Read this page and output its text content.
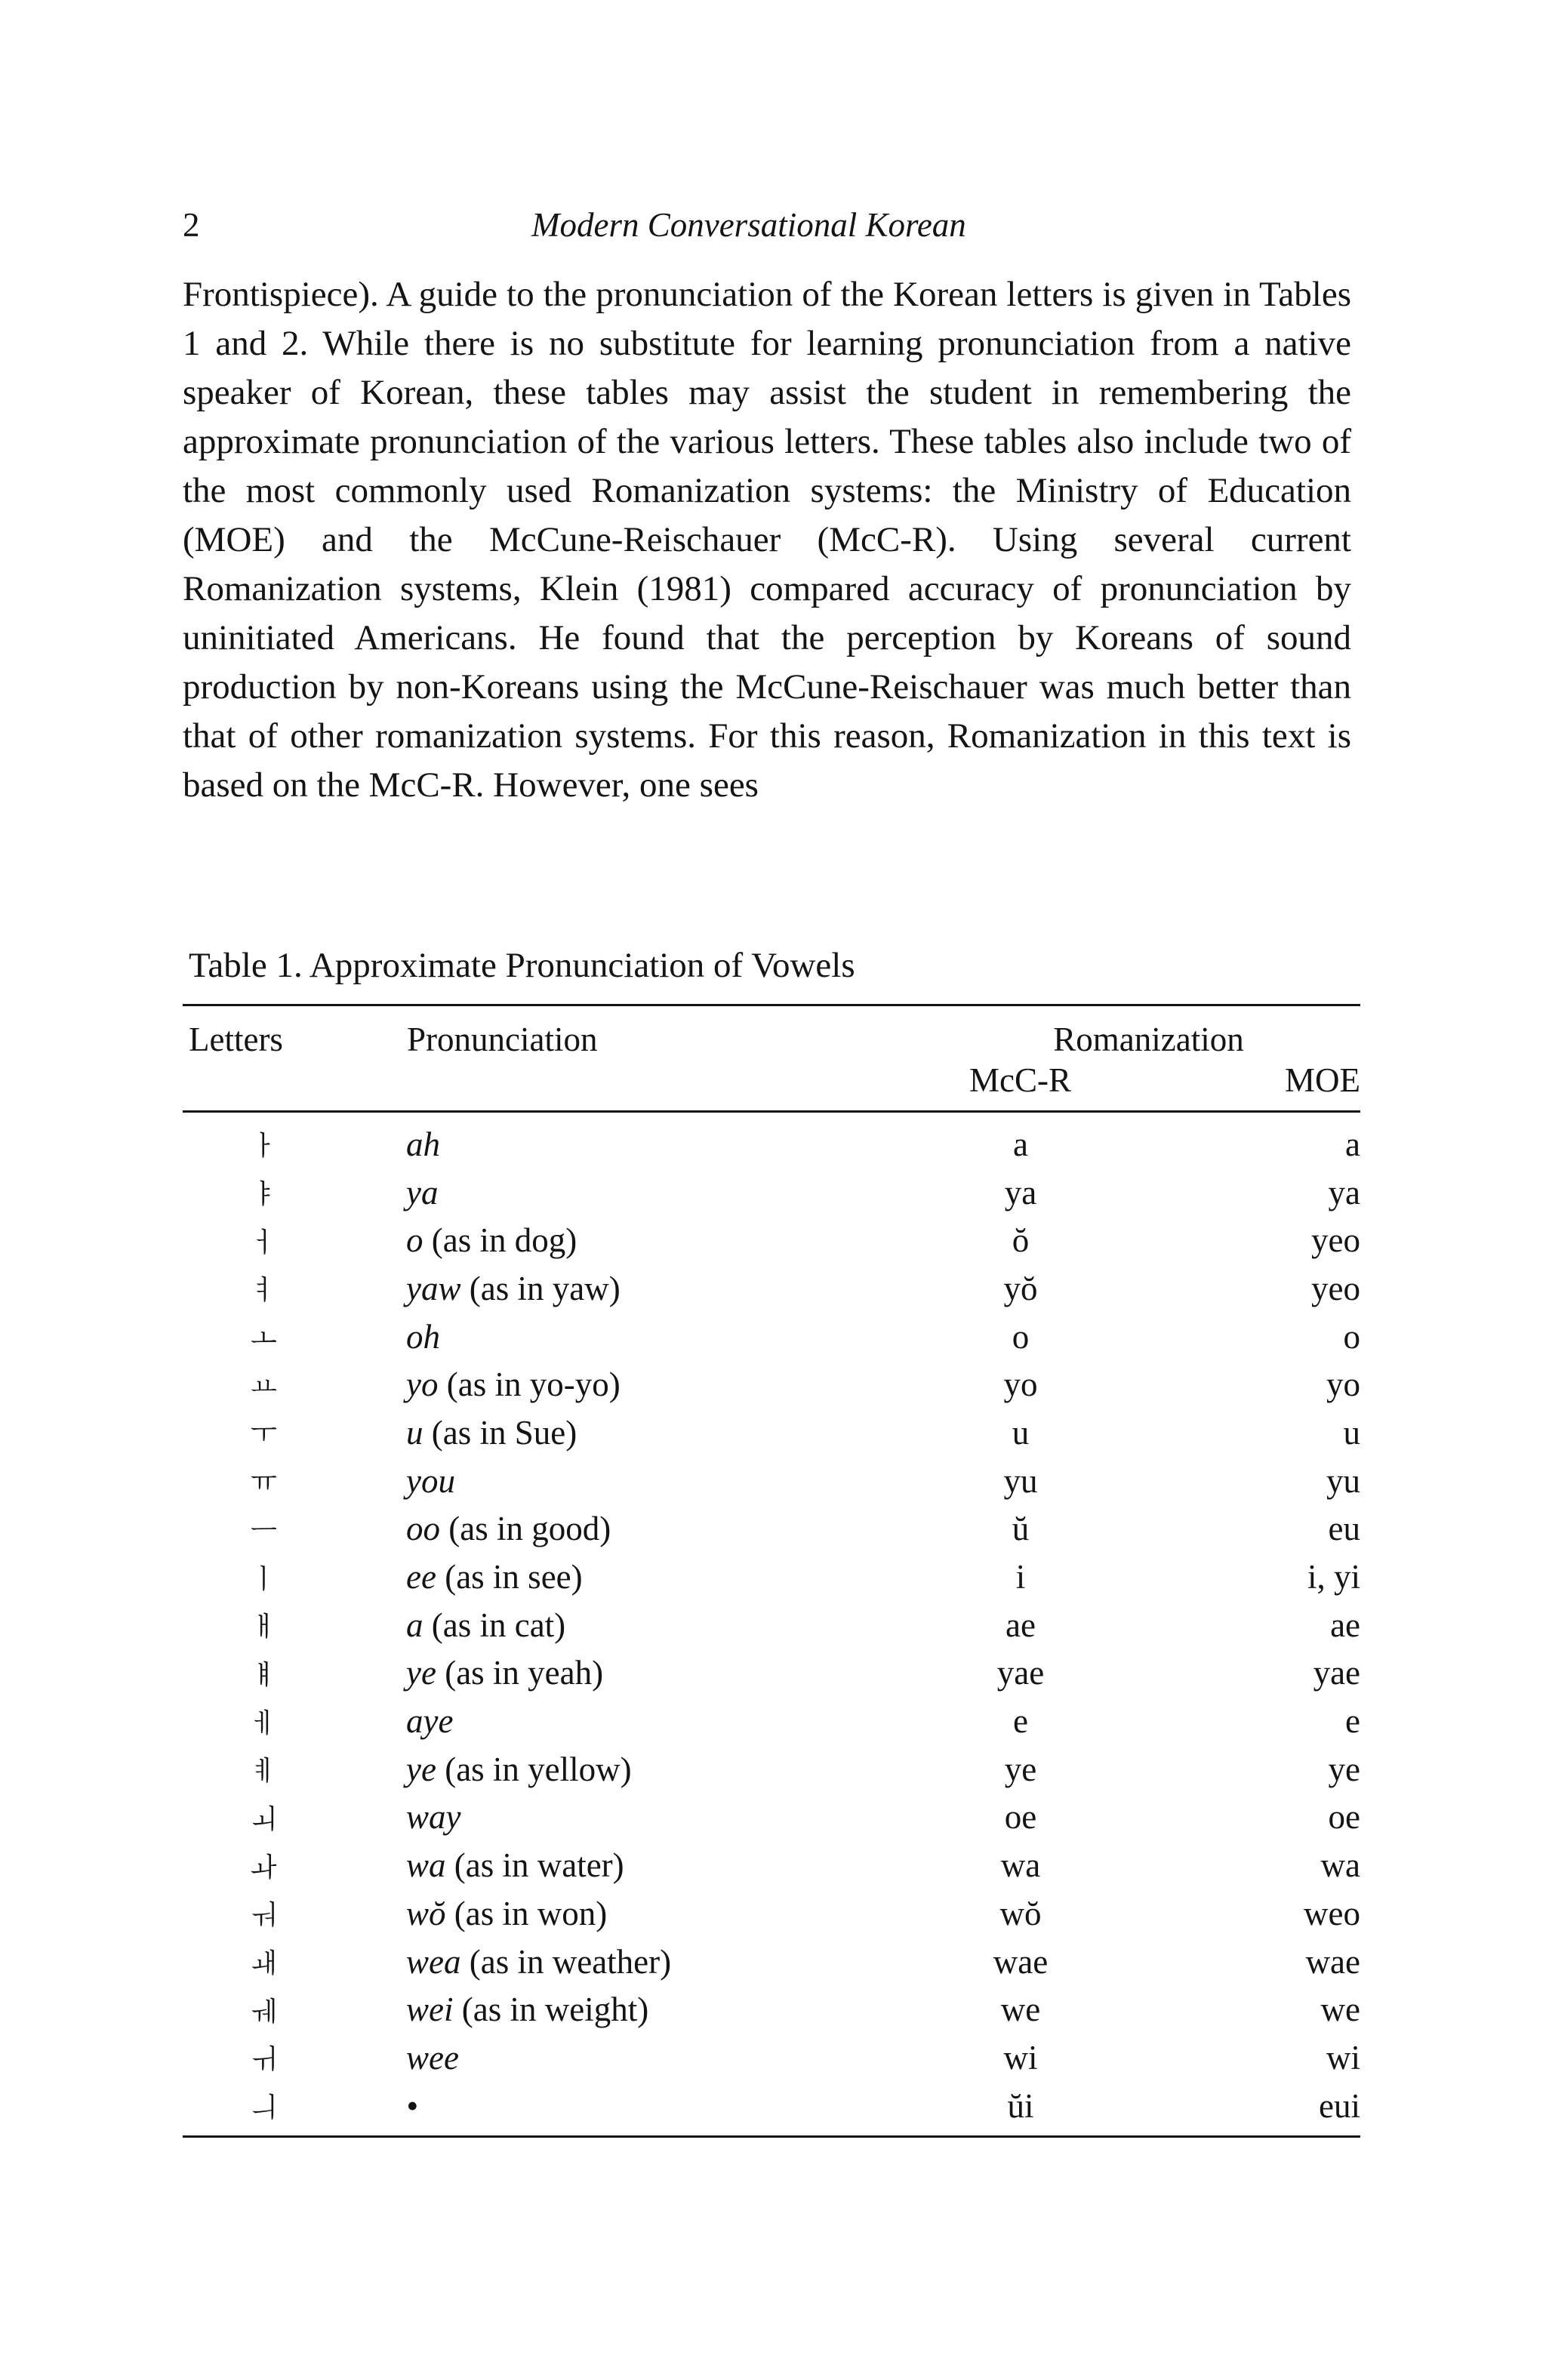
2	Modern Conversational Korean

Frontispiece). A guide to the pronunciation of the Korean letters is given in Tables 1 and 2. While there is no substitute for learning pronunciation from a native speaker of Korean, these tables may assist the student in remembering the approximate pronunciation of the various letters. These tables also include two of the most commonly used Romanization systems: the Ministry of Education (MOE) and the McCune-Reischauer (McC-R). Using several current Romanization systems, Klein (1981) compared accuracy of pronunciation by uninitiated Americans. He found that the perception by Koreans of sound production by non-Koreans using the McCune-Reischauer was much better than that of other romanization systems. For this reason, Romanization in this text is based on the McC-R. However, one sees

Table 1. Approximate Pronunciation of Vowels
Letters	Pronunciation	Romanization	
		McC-R	MOE
ㅏ	ah	a	a
ㅑ	ya	ya	ya
ㅓ	o (as in dog)	ŏ	yeo
ㅕ	yaw (as in yaw)	yŏ	yeo
ㅗ	oh	o	o
ㅛ	yo (as in yo-yo)	yo	yo
ㅜ	u (as in Sue)	u	u
ㅠ	you	yu	yu
ㅡ	oo (as in good)	ŭ	eu
ㅣ	ee (as in see)	i	i, yi
ㅐ	a (as in cat)	ae	ae
ㅒ	ye (as in yeah)	yae	yae
ㅔ	aye	e	e
ㅖ	ye (as in yellow)	ye	ye
ㅚ	way	oe	oe
ㅘ	wa (as in water)	wa	wa
ㅝ	wŏ (as in won)	wŏ	weo
ㅙ	wea (as in weather)	wae	wae
ㅞ	wei (as in weight)	we	we
ㅟ	wee	wi	wi
ㅢ	•	ŭi	eui
